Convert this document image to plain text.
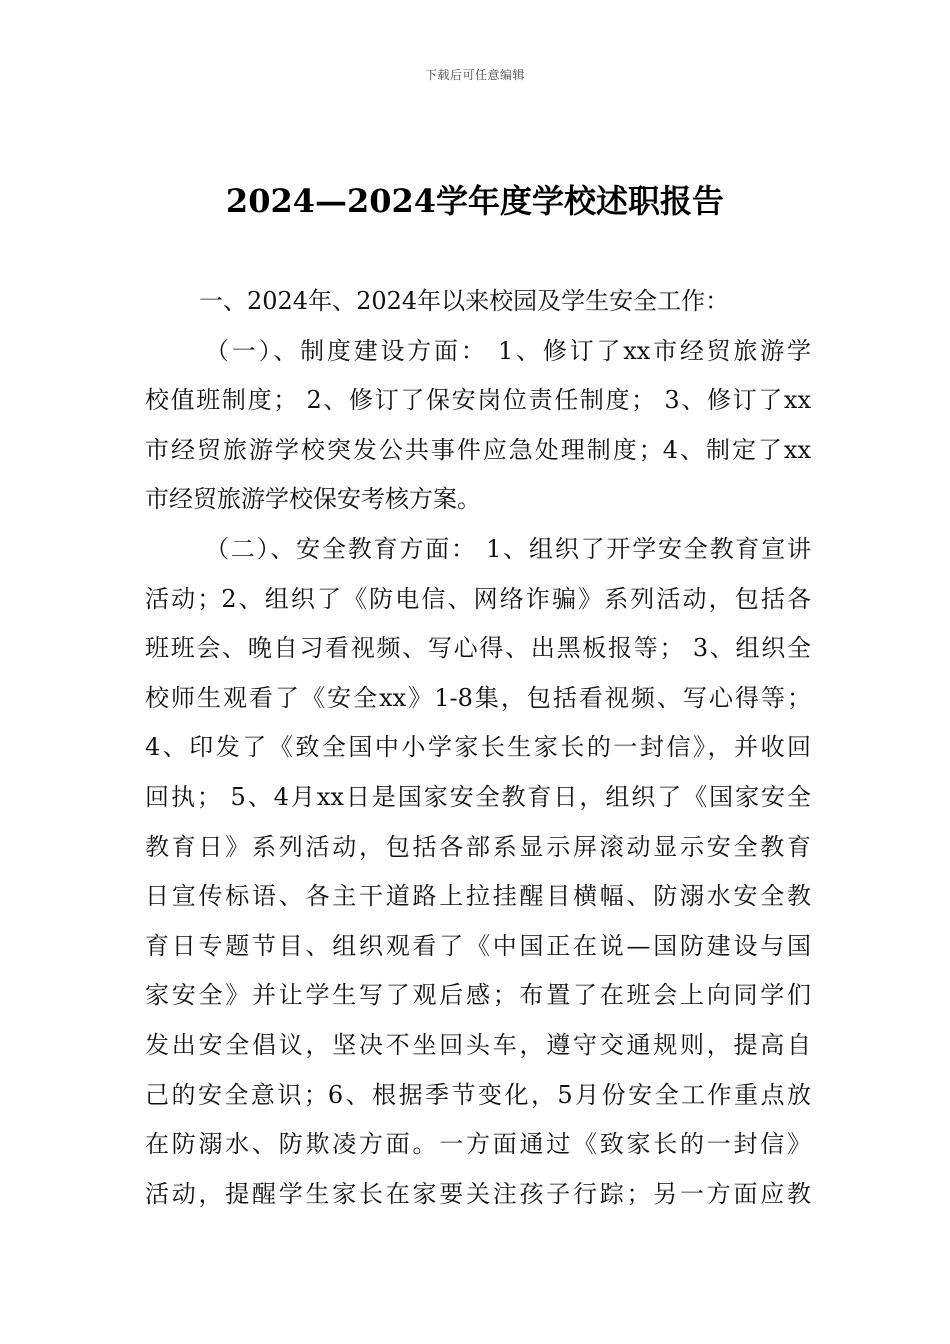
下载后可任意编辑
2024—2024学年度学校述职报告
一、2024年、2024年以来校园及学生安全工作：
（一）、制度建设方面： 1、修订了xx市经贸旅游学
校值班制度； 2、修订了保安岗位责任制度； 3、修订了xx
市经贸旅游学校突发公共事件应急处理制度；4、制定了xx
市经贸旅游学校保安考核方案。
（二）、安全教育方面： 1、组织了开学安全教育宣讲
活动；2、组织了《防电信、网络诈骗》系列活动，包括各
班班会、晚自习看视频、写心得、出黑板报等； 3、组织全
校师生观看了《安全xx》1-8集，包括看视频、写心得等；
4、印发了《致全国中小学家长生家长的一封信》，并收回
回执； 5、4月xx日是国家安全教育日，组织了《国家安全
教育日》系列活动，包括各部系显示屏滚动显示安全教育
日宣传标语、各主干道路上拉挂醒目横幅、防溺水安全教
育日专题节目、组织观看了《中国正在说—国防建设与国
家安全》并让学生写了观后感；布置了在班会上向同学们
发出安全倡议，坚决不坐回头车，遵守交通规则，提高自
己的安全意识；6、根据季节变化，5月份安全工作重点放
在防溺水、防欺凌方面。一方面通过《致家长的一封信》
活动，提醒学生家长在家要关注孩子行踪；另一方面应教
